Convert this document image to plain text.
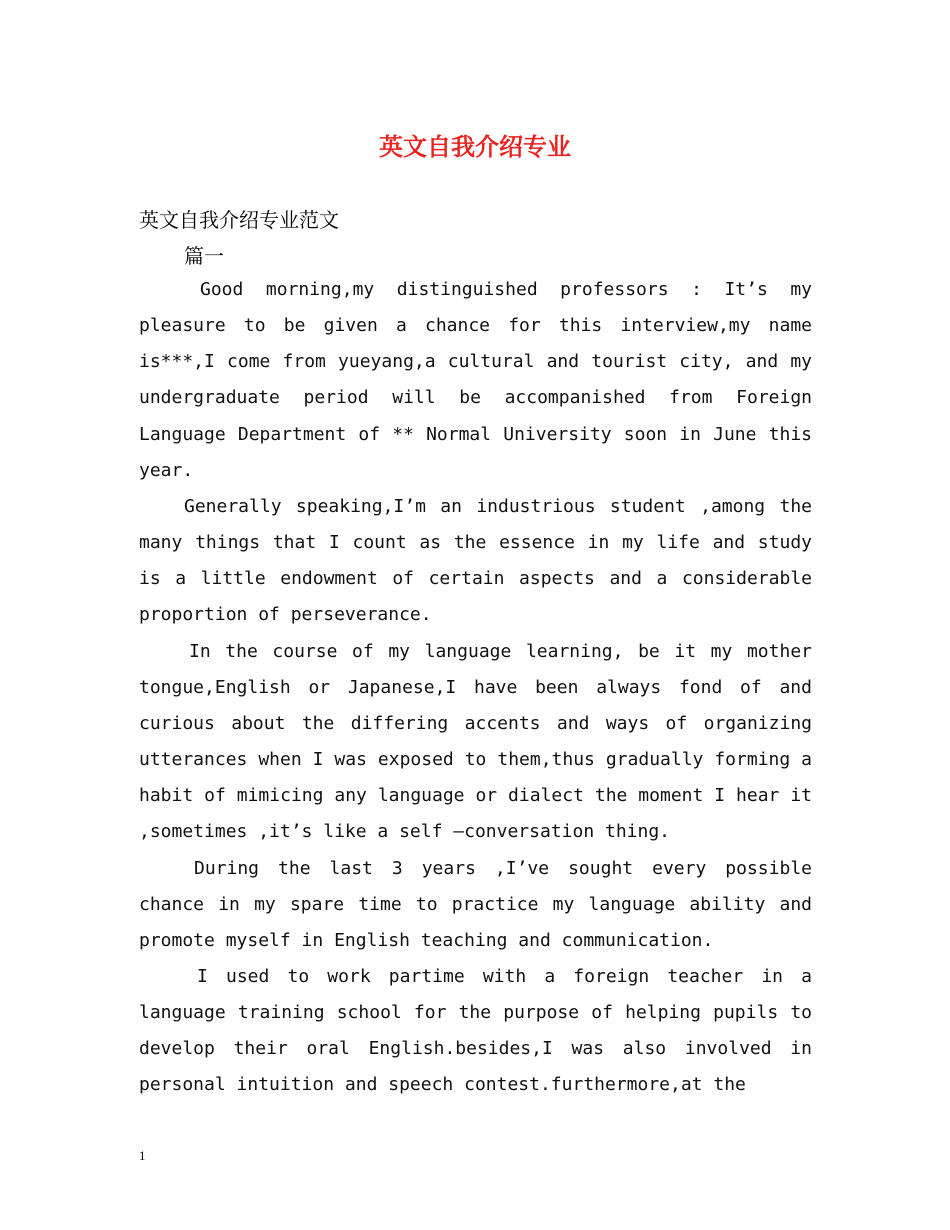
英文自我介绍专业
英文自我介绍专业范文
篇一

Good morning,my distinguished professors : It’s my pleasure to be given a chance for this interview,my name is***,I come from yueyang,a cultural and tourist city, and my undergraduate period will be accompanished from Foreign Language Department of ** Normal University soon in June this year.

Generally speaking,I’m an industrious student ,among the many things that I count as the essence in my life and study is a little endowment of certain aspects and a considerable proportion of perseverance.

In the course of my language learning, be it my mother tongue,English or Japanese,I have been always fond of and curious about the differing accents and ways of organizing utterances when I was exposed to them,thus gradually forming a habit of mimicing any language or dialect the moment I hear it ,sometimes ,it’s like a self –conversation thing.

During the last 3 years ,I’ve sought every possible chance in my spare time to practice my language ability and promote myself in English teaching and communication.

I used to work partime with a foreign teacher in a language training school for the purpose of helping pupils to develop their oral English.besides,I was also involved in personal intuition and speech contest.furthermore,at the

1
